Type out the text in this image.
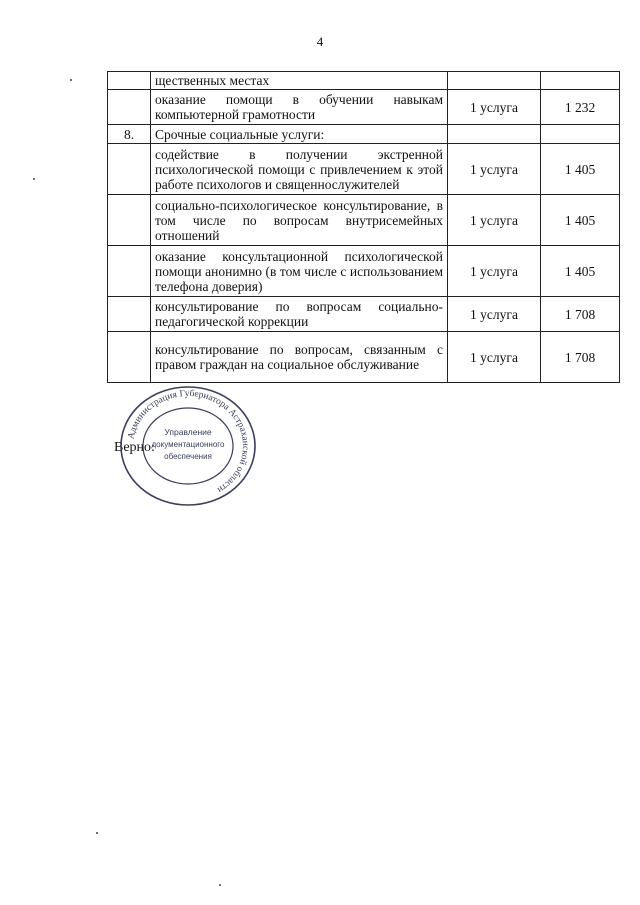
4
	щественных местах		
	оказание помощи в обучении навыкам компьютерной грамотности	1 услуга	1 232
8.	Срочные социальные услуги:		
	содействие в получении экстренной психологической помощи с привлечением к этой работе психологов и священнослужителей	1 услуга	1 405
	социально-психологическое консультирование, в том числе по вопросам внутрисемейных отношений	1 услуга	1 405
	оказание консультационной психологической помощи анонимно (в том числе с использованием телефона доверия)	1 услуга	1 405
	консультирование по вопросам социально-педагогической коррекции	1 услуга	1 708
	консультирование по вопросам, связанным с правом граждан на социальное обслуживание	1 услуга	1 708
Верно:
Администрация Губернатора Астраханской области
Управление
документационного
обеспечения
